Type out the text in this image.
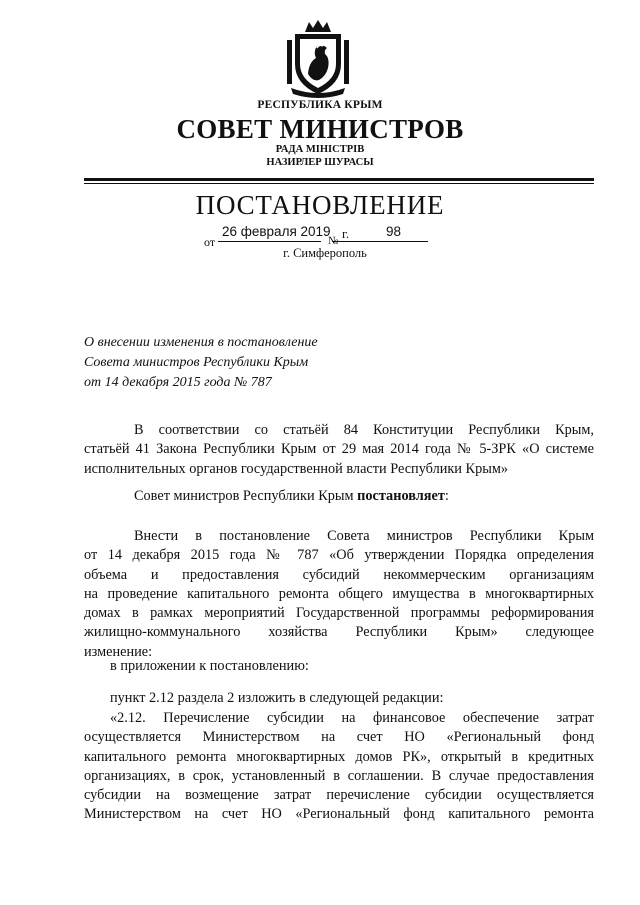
РЕСПУБЛИКА КРЫМ
СОВЕТ МИНИСТРОВ
РАДА МІНІСТРІВ
НАЗИРЛЕР ШУРАСЫ
ПОСТАНОВЛЕНИЕ
от
26 февраля 2019 г.
№
98
г. Симферополь
О внесении изменения в постановление
Совета министров Республики Крым
от 14 декабря 2015 года № 787
В соответствии со статьёй 84 Конституции Республики Крым,
статьёй 41 Закона Республики Крым от 29 мая 2014 года № 5-ЗРК «О системе
исполнительных органов государственной власти Республики Крым»
Совет министров Республики Крым постановляет:
Внести в постановление Совета министров Республики Крым
от 14 декабря 2015 года № 787 «Об утверждении Порядка определения
объема и предоставления субсидий некоммерческим организациям
на проведение капитального ремонта общего имущества в многоквартирных
домах в рамках мероприятий Государственной программы реформирования
жилищно-коммунального хозяйства Республики Крым» следующее
изменение:
в приложении к постановлению:
пункт 2.12 раздела 2 изложить в следующей редакции:
«2.12. Перечисление субсидии на финансовое обеспечение затрат
осуществляется Министерством на счет НО «Региональный фонд
капитального ремонта многоквартирных домов РК», открытый в кредитных
организациях, в срок, установленный в соглашении. В случае предоставления
субсидии на возмещение затрат перечисление субсидии осуществляется
Министерством на счет НО «Региональный фонд капитального ремонта
